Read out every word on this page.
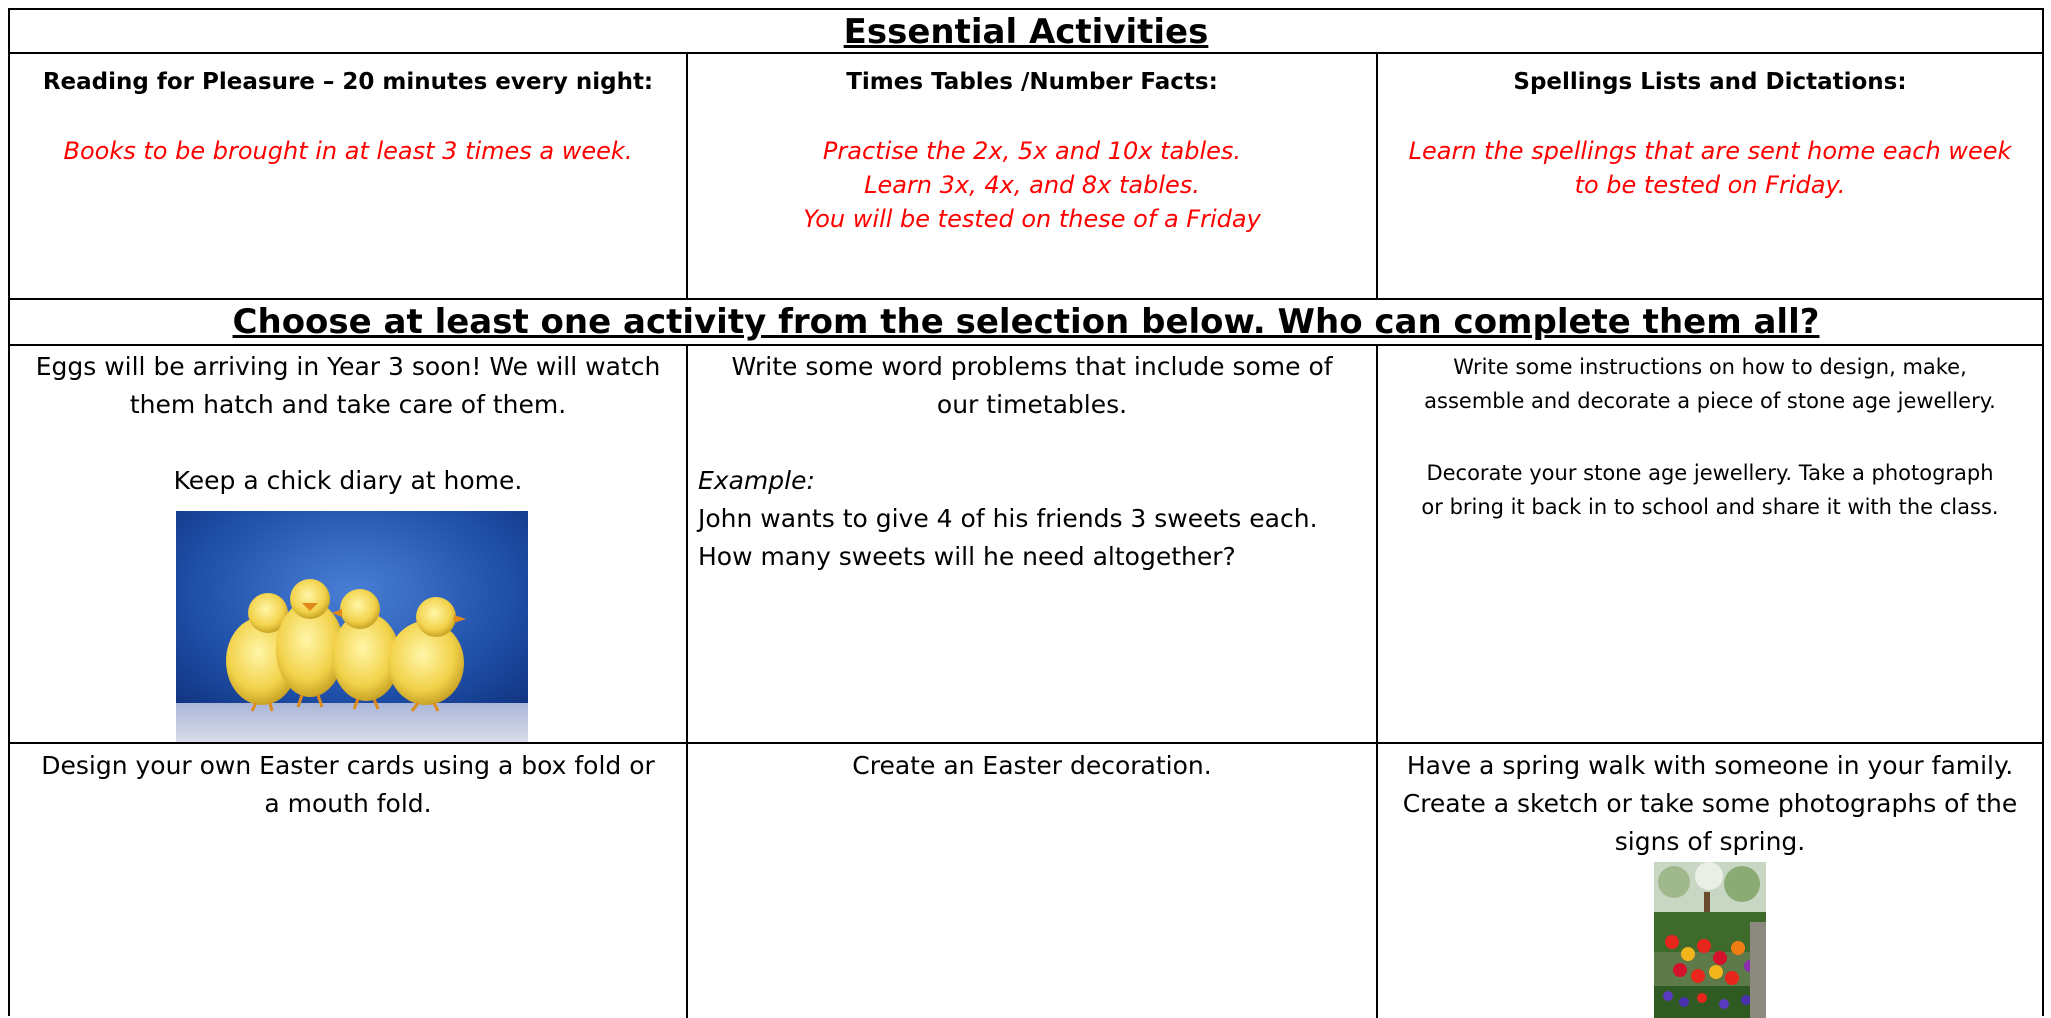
Essential Activities
Reading for Pleasure – 20 minutes every night:
Books to be brought in at least 3 times a week.
Times Tables /Number Facts:
Practise the 2x, 5x and 10x tables.
Learn 3x, 4x, and 8x tables.
You will be tested on these of a Friday
Spellings Lists and Dictations:
Learn the spellings that are sent home each week
to be tested on Friday.
Choose at least one activity from the selection below. Who can complete them all?
Eggs will be arriving in Year 3 soon! We will watch
them hatch and take care of them.
Keep a chick diary at home.
Write some word problems that include some of
our timetables.
Example:
John wants to give 4 of his friends 3 sweets each.
How many sweets will he need altogether?
Write some instructions on how to design, make,
assemble and decorate a piece of stone age jewellery.
Decorate your stone age jewellery. Take a photograph
or bring it back in to school and share it with the class.
Design your own Easter cards using a box fold or
a mouth fold.
Create an Easter decoration.	Have a spring walk with someone in your family.
Create a sketch or take some photographs of the
signs of spring.
